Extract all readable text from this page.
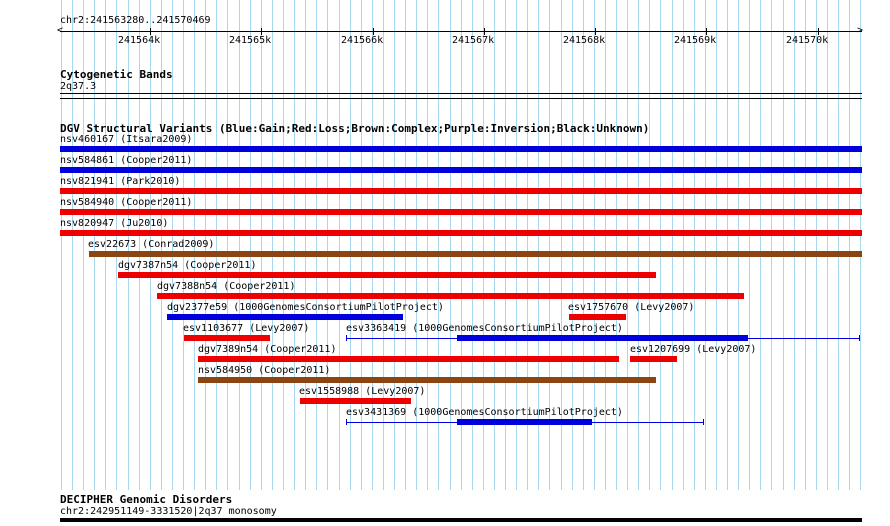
chr2:241563280..241570469
<	>
241564k	241565k	241566k	241567k	241568k	241569k	241570k
Cytogenetic Bands
2q37.3
DGV Structural Variants (Blue:Gain;Red:Loss;Brown:Complex;Purple:Inversion;Black:Unknown)
nsv460167 (Itsara2009)
nsv584861 (Cooper2011)
nsv821941 (Park2010)
nsv584940 (Cooper2011)
nsv820947 (Ju2010)
esv22673 (Conrad2009)
dgv7387n54 (Cooper2011)
dgv7388n54 (Cooper2011)
dgv2377e59 (1000GenomesConsortiumPilotProject)	esv1757670 (Levy2007)
esv1103677 (Levy2007)	esv3363419 (1000GenomesConsortiumPilotProject)
dgv7389n54 (Cooper2011)	esv1207699 (Levy2007)
nsv584950 (Cooper2011)
esv1558988 (Levy2007)
esv3431369 (1000GenomesConsortiumPilotProject)
DECIPHER Genomic Disorders
chr2:242951149-3331520|2q37 monosomy
